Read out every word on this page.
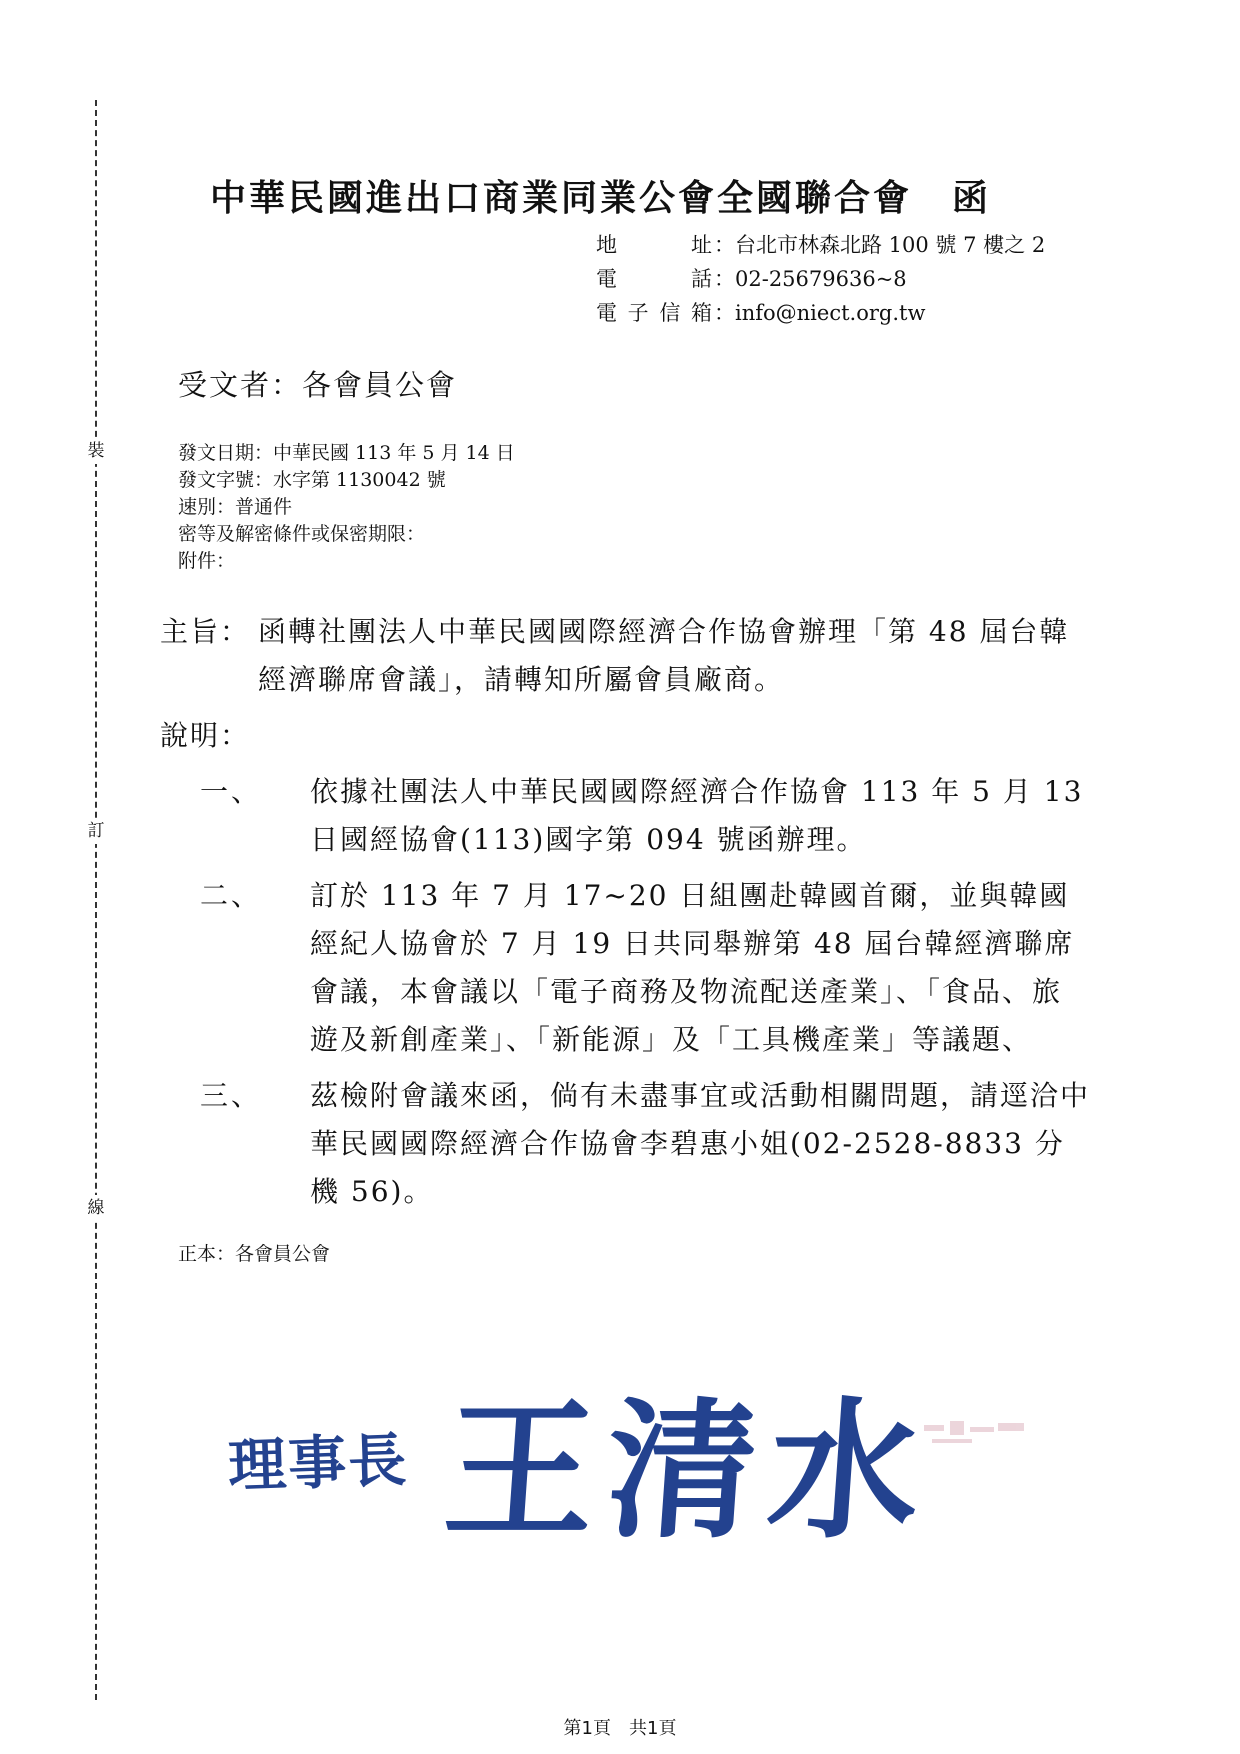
裝
訂
線
中華民國進出口商業同業公會全國聯合會 函
地 址：台北市林森北路 100 號 7 樓之 2
電 話：02-25679636~8
電子信箱：info@niect.org.tw
受文者：各會員公會
發文日期：中華民國 113 年 5 月 14 日
發文字號：水字第 1130042 號
速別：普通件
密等及解密條件或保密期限：
附件：
主旨： 函轉社團法人中華民國國際經濟合作協會辦理「第 48 屆台韓經濟聯席會議」，請轉知所屬會員廠商。
說明：
一、	依據社團法人中華民國國際經濟合作協會 113 年 5 月 13 日國經協會(113)國字第 094 號函辦理。
二、	訂於 113 年 7 月 17~20 日組團赴韓國首爾，並與韓國經紀人協會於 7 月 19 日共同舉辦第 48 屆台韓經濟聯席會議，本會議以「電子商務及物流配送產業」、「食品、旅遊及新創產業」、「新能源」及「工具機產業」等議題、
三、	茲檢附會議來函，倘有未盡事宜或活動相關問題，請逕洽中華民國國際經濟合作協會李碧惠小姐(02-2528-8833 分機 56)。
正本：各會員公會
理事長 王清水
第1頁 共1頁
